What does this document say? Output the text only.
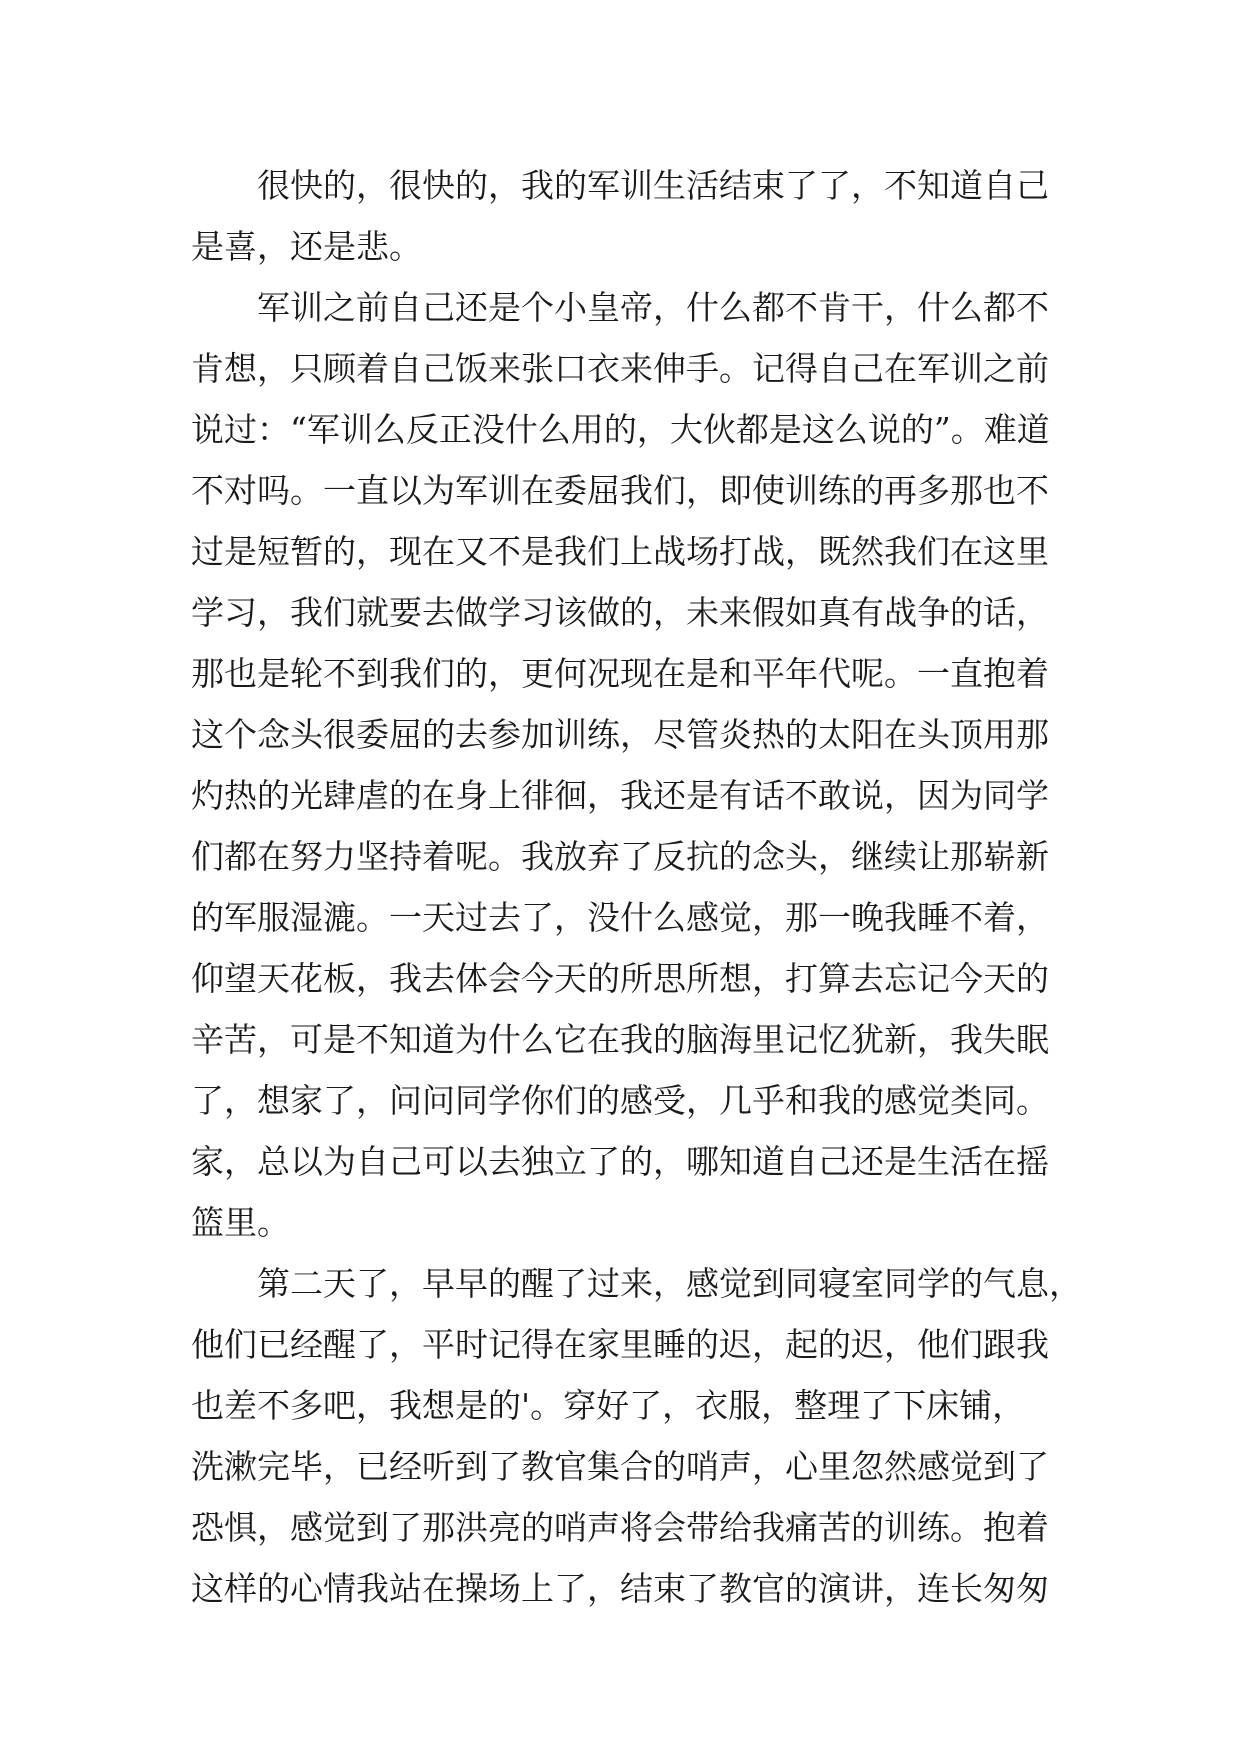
很快的，很快的，我的军训生活结束了了，不知道自己
是喜，还是悲。
军训之前自己还是个小皇帝，什么都不肯干，什么都不
肯想，只顾着自己饭来张口衣来伸手。记得自己在军训之前
说过：“军训么反正没什么用的，大伙都是这么说的”。难道
不对吗。一直以为军训在委屈我们，即使训练的再多那也不
过是短暂的，现在又不是我们上战场打战，既然我们在这里
学习，我们就要去做学习该做的，未来假如真有战争的话，
那也是轮不到我们的，更何况现在是和平年代呢。一直抱着
这个念头很委屈的去参加训练，尽管炎热的太阳在头顶用那
灼热的光肆虐的在身上徘徊，我还是有话不敢说，因为同学
们都在努力坚持着呢。我放弃了反抗的念头，继续让那崭新
的军服湿漉。一天过去了，没什么感觉，那一晚我睡不着，
仰望天花板，我去体会今天的所思所想，打算去忘记今天的
辛苦，可是不知道为什么它在我的脑海里记忆犹新，我失眠
了，想家了，问问同学你们的感受，几乎和我的感觉类同。
家，总以为自己可以去独立了的，哪知道自己还是生活在摇
篮里。
第二天了，早早的醒了过来，感觉到同寝室同学的气息，
他们已经醒了，平时记得在家里睡的迟，起的迟，他们跟我
也差不多吧，我想是的'。穿好了，衣服，整理了下床铺，
洗漱完毕，已经听到了教官集合的哨声，心里忽然感觉到了
恐惧，感觉到了那洪亮的哨声将会带给我痛苦的训练。抱着
这样的心情我站在操场上了，结束了教官的演讲，连长匆匆
